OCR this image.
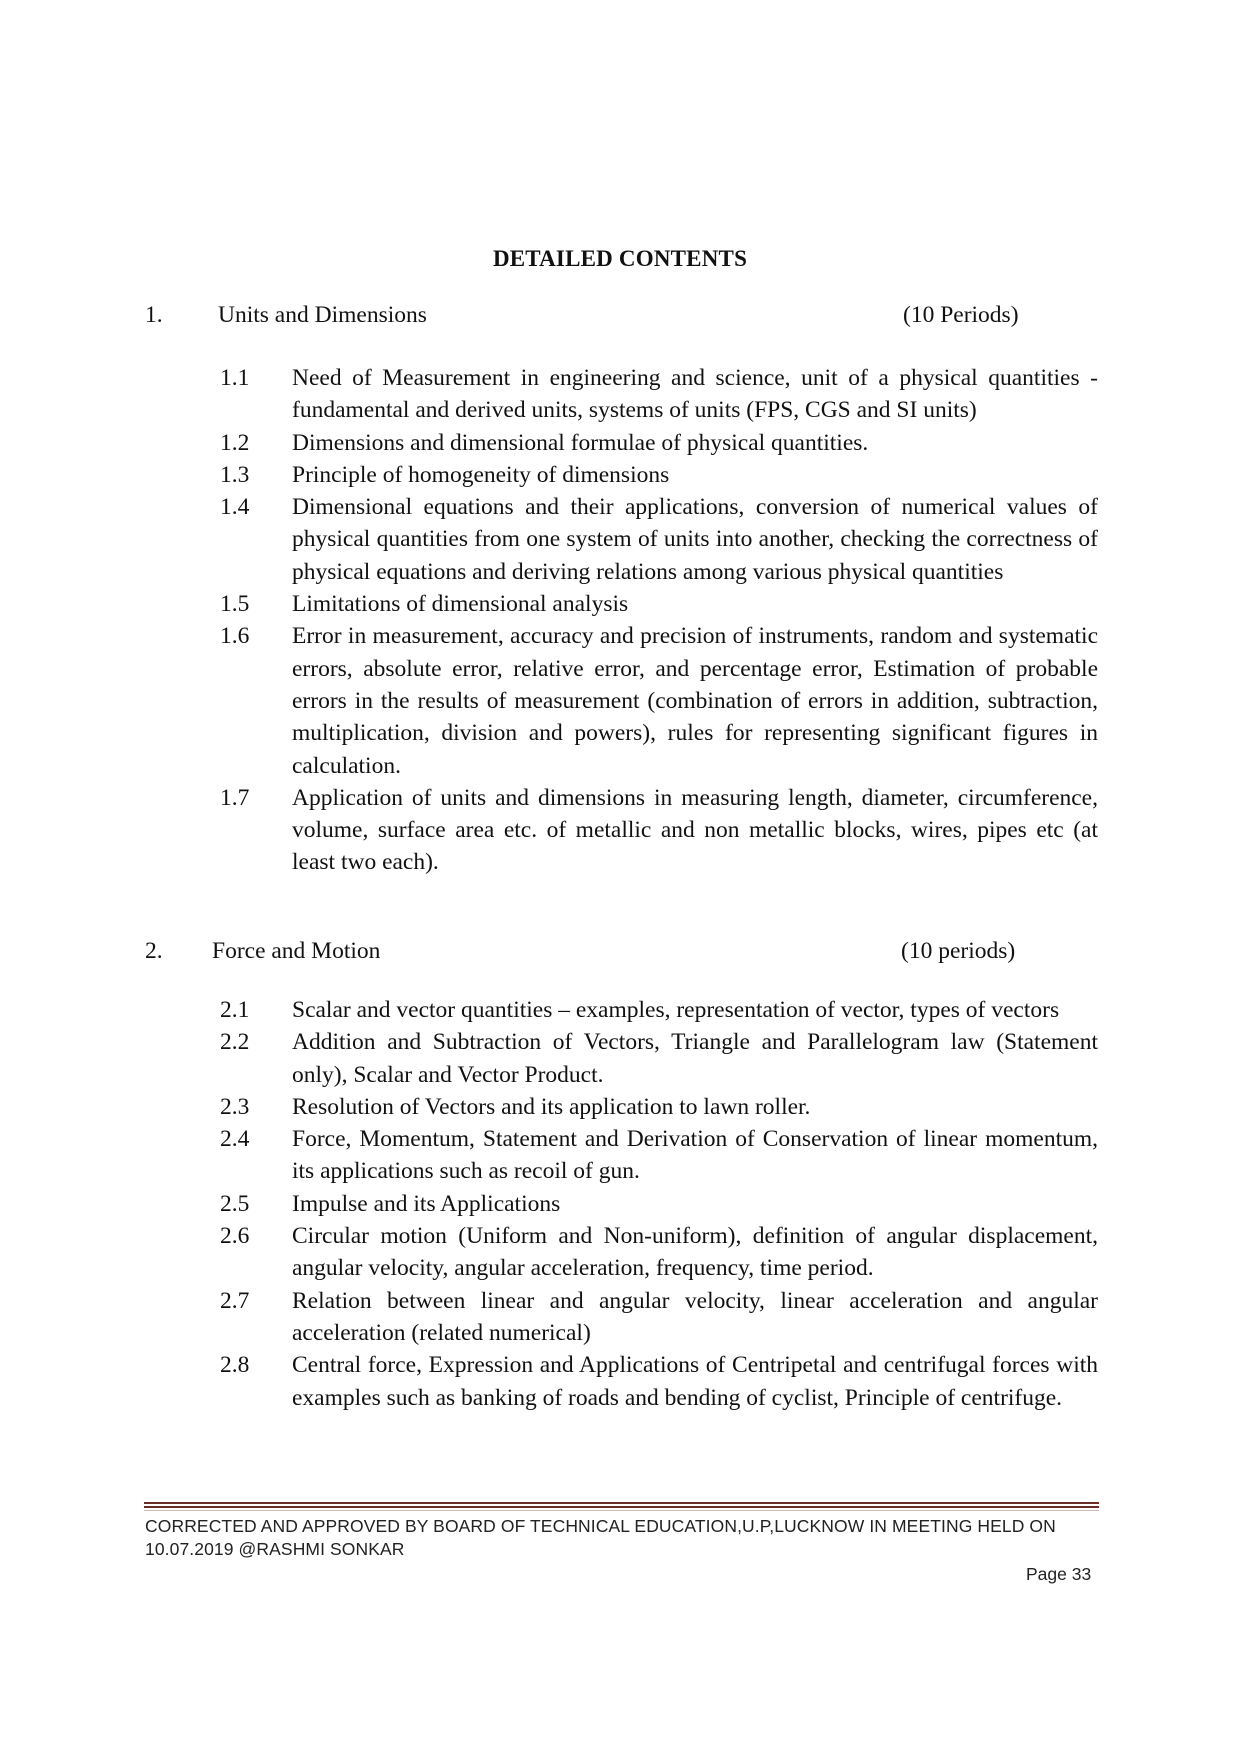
DETAILED CONTENTS
1. Units and Dimensions	(10 Periods)
1.1 Need of Measurement in engineering and science, unit of a physical quantities - fundamental and derived units, systems of units (FPS, CGS and SI units)
1.2 Dimensions and dimensional formulae of physical quantities.
1.3 Principle of homogeneity of dimensions
1.4 Dimensional equations and their applications, conversion of numerical values of physical quantities from one system of units into another, checking the correctness of physical equations and deriving relations among various physical quantities
1.5 Limitations of dimensional analysis
1.6 Error in measurement, accuracy and precision of instruments, random and systematic errors, absolute error, relative error, and percentage error, Estimation of probable errors in the results of measurement (combination of errors in addition, subtraction, multiplication, division and powers), rules for representing significant figures in calculation.
1.7 Application of units and dimensions in measuring length, diameter, circumference, volume, surface area etc. of metallic and non metallic blocks, wires, pipes etc (at least two each).
2. Force and Motion	(10 periods)
2.1 Scalar and vector quantities – examples, representation of vector, types of vectors
2.2 Addition and Subtraction of Vectors, Triangle and Parallelogram law (Statement only), Scalar and Vector Product.
2.3 Resolution of Vectors and its application to lawn roller.
2.4 Force, Momentum, Statement and Derivation of Conservation of linear momentum, its applications such as recoil of gun.
2.5 Impulse and its Applications
2.6 Circular motion (Uniform and Non-uniform), definition of angular displacement, angular velocity, angular acceleration, frequency, time period.
2.7 Relation between linear and angular velocity, linear acceleration and angular acceleration (related numerical)
2.8 Central force, Expression and Applications of Centripetal and centrifugal forces with examples such as banking of roads and bending of cyclist, Principle of centrifuge.
CORRECTED AND APPROVED BY BOARD OF TECHNICAL EDUCATION,U.P,LUCKNOW IN MEETING HELD ON
10.07.2019 @RASHMI SONKAR
Page 33
